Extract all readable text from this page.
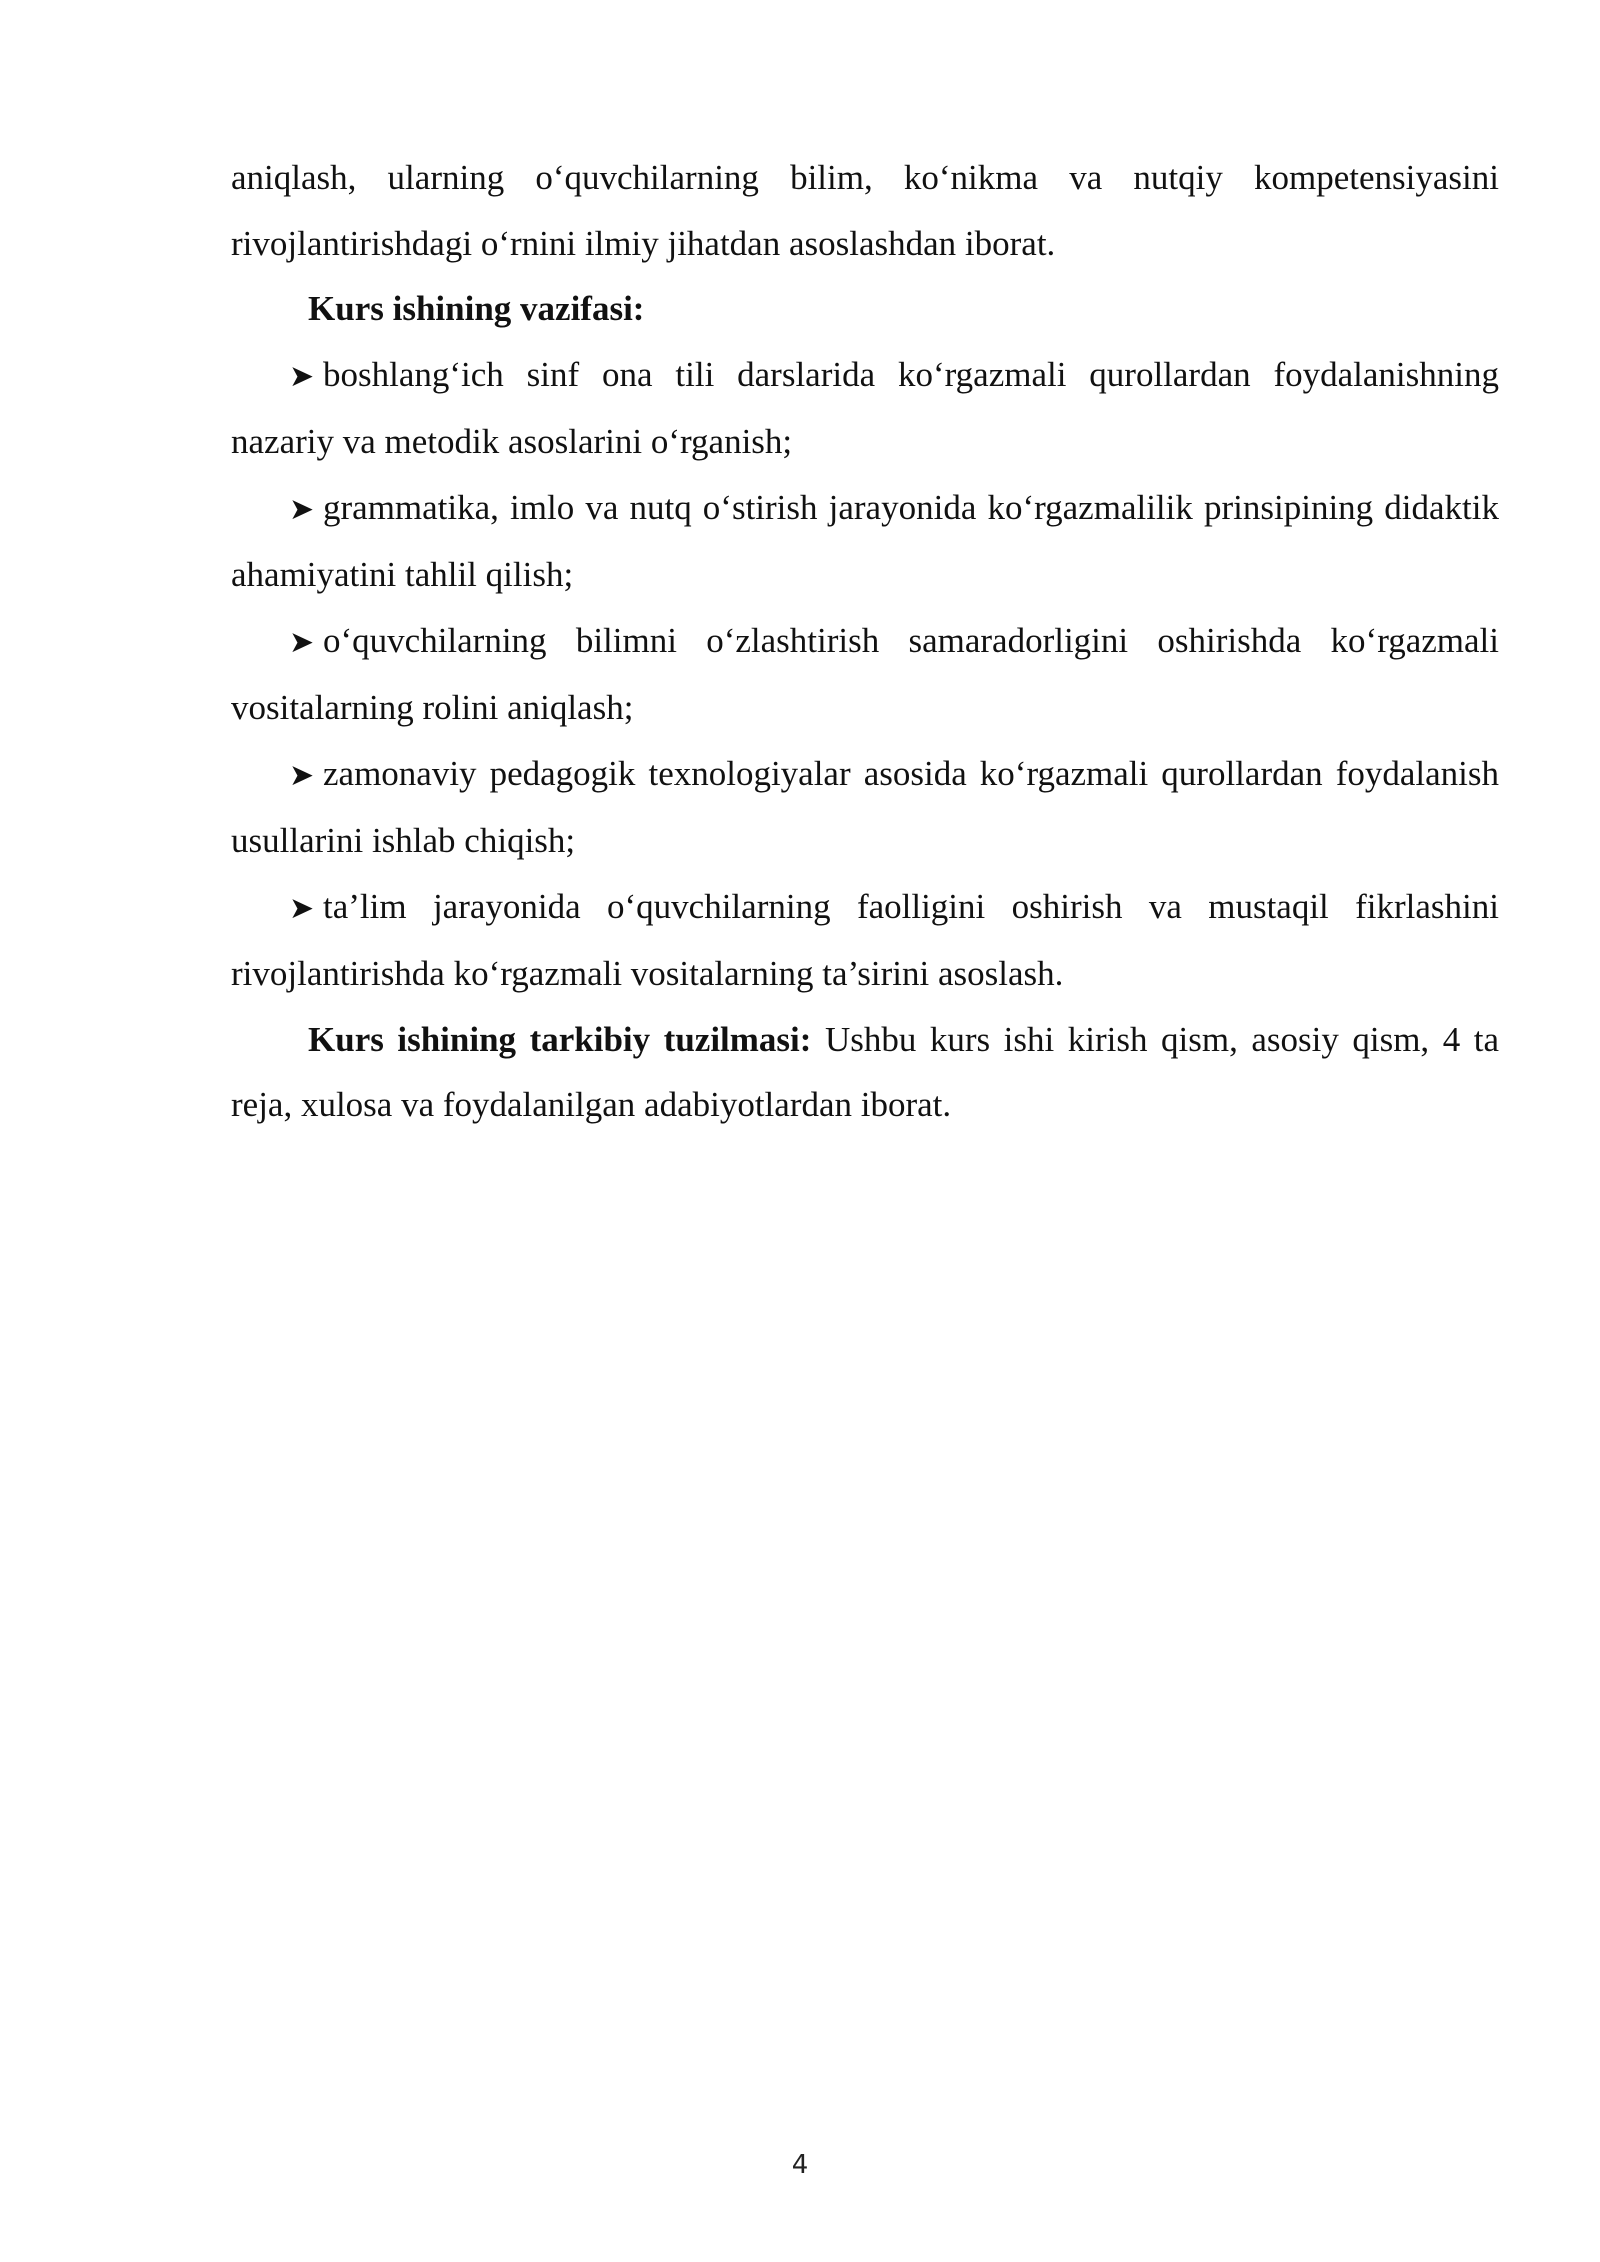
aniqlash, ularning o‘quvchilarning bilim, ko‘nikma va nutqiy kompetensiyasini rivojlantirishdagi o‘rnini ilmiy jihatdan asoslashdan iborat.

Kurs ishining vazifasi:

➤ boshlang‘ich sinf ona tili darslarida ko‘rgazmali qurollardan foydalanishning nazariy va metodik asoslarini o‘rganish;

➤ grammatika, imlo va nutq o‘stirish jarayonida ko‘rgazmalilik prinsipining didaktik ahamiyatini tahlil qilish;

➤ o‘quvchilarning bilimni o‘zlashtirish samaradorligini oshirishda ko‘rgazmali vositalarning rolini aniqlash;

➤ zamonaviy pedagogik texnologiyalar asosida ko‘rgazmali qurollardan foydalanish usullarini ishlab chiqish;

➤ ta’lim jarayonida o‘quvchilarning faolligini oshirish va mustaqil fikrlashini rivojlantirishda ko‘rgazmali vositalarning ta’sirini asoslash.

Kurs ishining tarkibiy tuzilmasi: Ushbu kurs ishi kirish qism, asosiy qism, 4 ta reja, xulosa va foydalanilgan adabiyotlardan iborat.

4
